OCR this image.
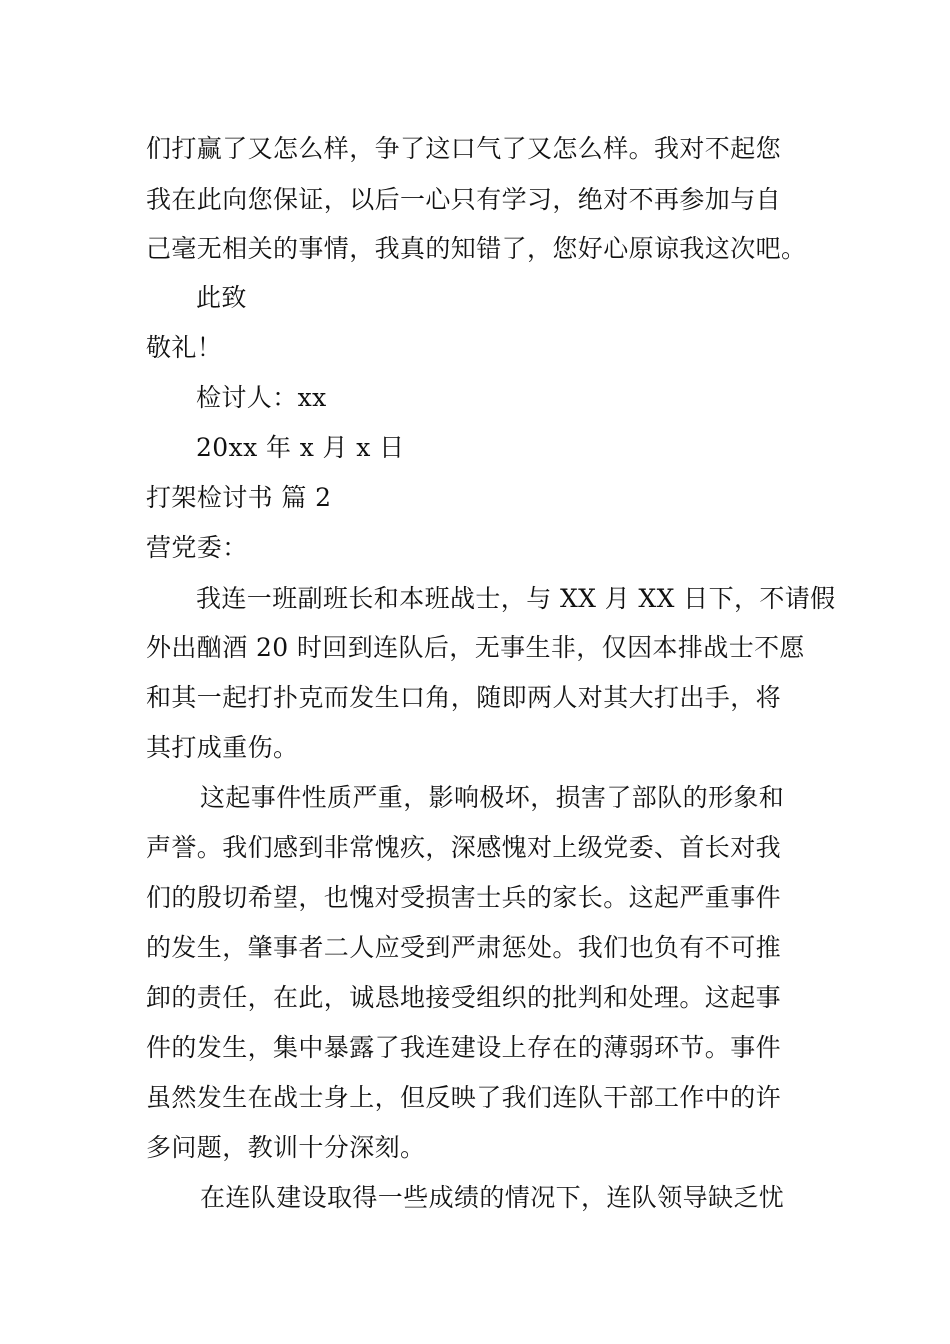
们打赢了又怎么样，争了这口气了又怎么样。我对不起您
我在此向您保证，以后一心只有学习，绝对不再参加与自
己毫无相关的事情，我真的知错了，您好心原谅我这次吧。
此致
敬礼！
检讨人：xx
20xx 年 x 月 x 日
打架检讨书 篇 2
营党委：
我连一班副班长和本班战士，与 XX 月 XX 日下，不请假
外出酗酒 20 时回到连队后，无事生非，仅因本排战士不愿
和其一起打扑克而发生口角，随即两人对其大打出手，将
其打成重伤。
这起事件性质严重，影响极坏，损害了部队的形象和
声誉。我们感到非常愧疚，深感愧对上级党委、首长对我
们的殷切希望，也愧对受损害士兵的家长。这起严重事件
的发生，肇事者二人应受到严肃惩处。我们也负有不可推
卸的责任，在此，诚恳地接受组织的批判和处理。这起事
件的发生，集中暴露了我连建设上存在的薄弱环节。事件
虽然发生在战士身上，但反映了我们连队干部工作中的许
多问题，教训十分深刻。
在连队建设取得一些成绩的情况下，连队领导缺乏忧
